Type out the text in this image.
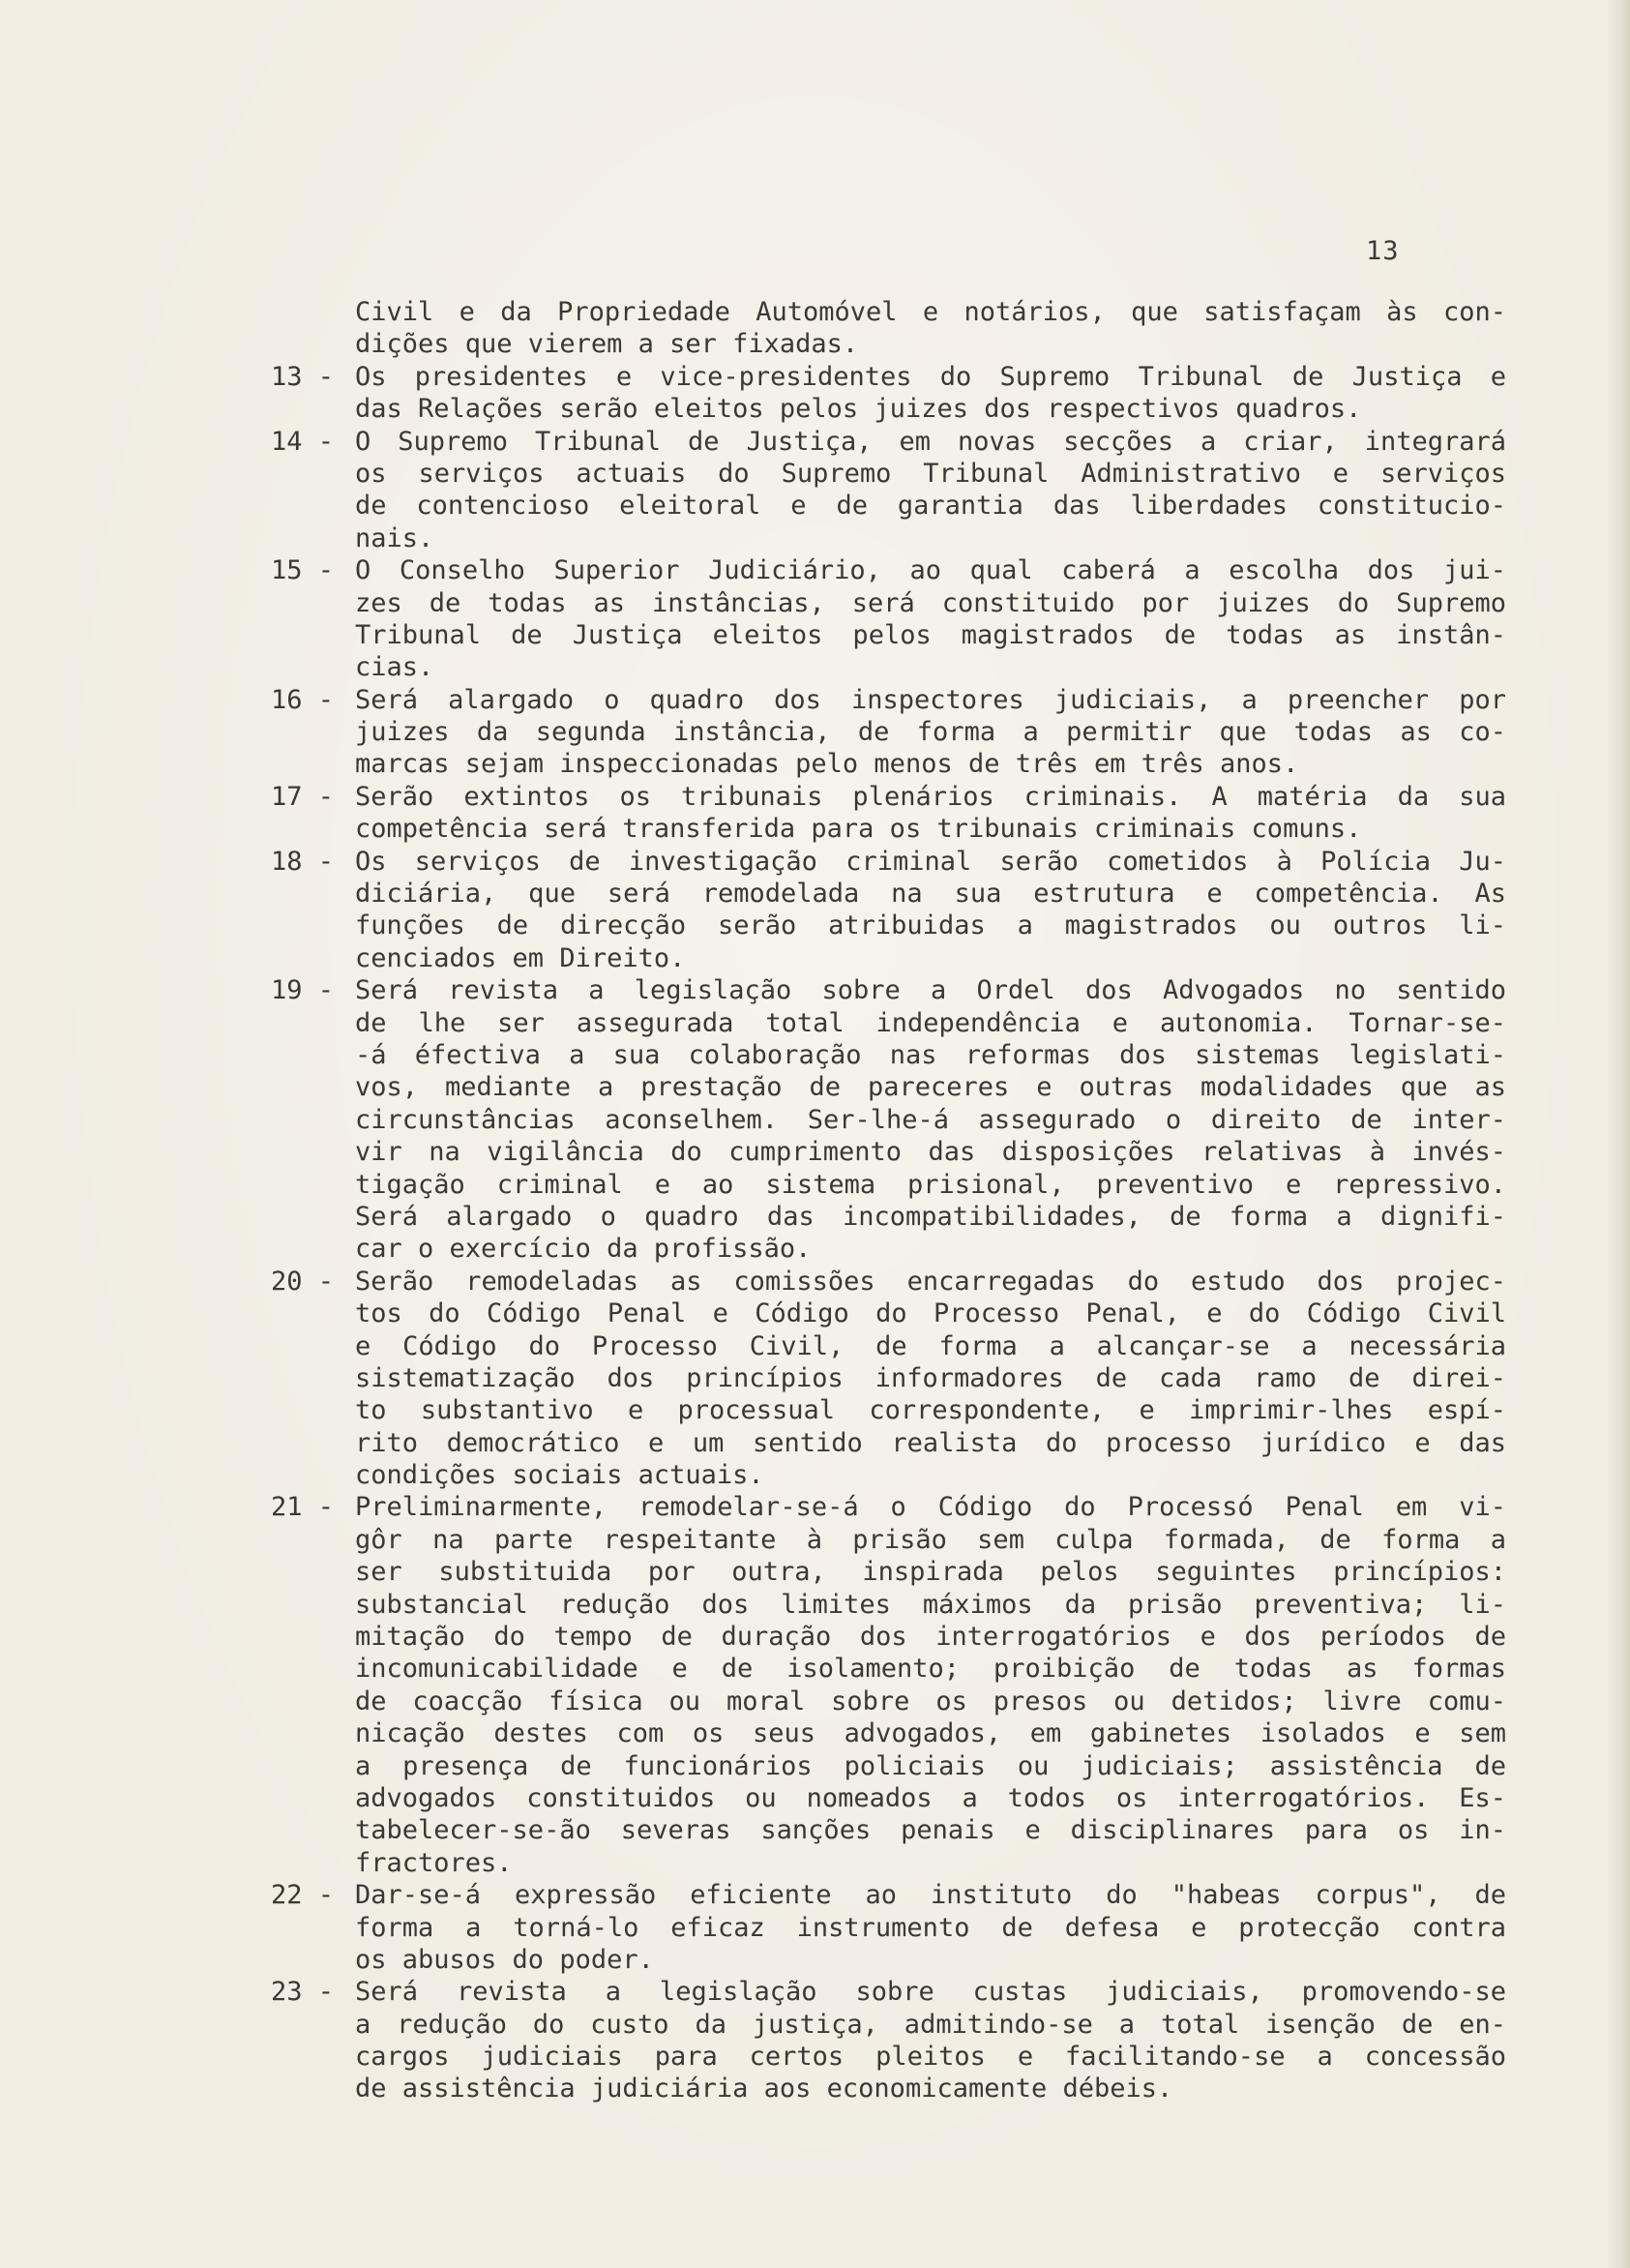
13
Civil e da Propriedade Automóvel e notários, que satisfaçam às con-
dições que vierem a ser fixadas.
13 - Os presidentes e vice-presidentes do Supremo Tribunal de Justiça e
das Relações serão eleitos pelos juizes dos respectivos quadros.
14 - O Supremo Tribunal de Justiça, em novas secções a criar, integrará
os serviços actuais do Supremo Tribunal Administrativo e serviços
de contencioso eleitoral e de garantia das liberdades constitucio-
nais.
15 - O Conselho Superior Judiciário, ao qual caberá a escolha dos jui-
zes de todas as instâncias, será constituido por juizes do Supremo
Tribunal de Justiça eleitos pelos magistrados de todas as instân-
cias.
16 - Será alargado o quadro dos inspectores judiciais, a preencher por
juizes da segunda instância, de forma a permitir que todas as co-
marcas sejam inspeccionadas pelo menos de três em três anos.
17 - Serão extintos os tribunais plenários criminais. A matéria da sua
competência será transferida para os tribunais criminais comuns.
18 - Os serviços de investigação criminal serão cometidos à Polícia Ju-
diciária, que será remodelada na sua estrutura e competência. As
funções de direcção serão atribuidas a magistrados ou outros li-
cenciados em Direito.
19 - Será revista a legislação sobre a Ordel dos Advogados no sentido
de lhe ser assegurada total independência e autonomia. Tornar-se-
-á éfectiva a sua colaboração nas reformas dos sistemas legislati-
vos, mediante a prestação de pareceres e outras modalidades que as
circunstâncias aconselhem. Ser-lhe-á assegurado o direito de inter-
vir na vigilância do cumprimento das disposições relativas à invés-
tigação criminal e ao sistema prisional, preventivo e repressivo.
Será alargado o quadro das incompatibilidades, de forma a dignifi-
car o exercício da profissão.
20 - Serão remodeladas as comissões encarregadas do estudo dos projec-
tos do Código Penal e Código do Processo Penal, e do Código Civil
e Código do Processo Civil, de forma a alcançar-se a necessária
sistematização dos princípios informadores de cada ramo de direi-
to substantivo e processual correspondente, e imprimir-lhes espí-
rito democrático e um sentido realista do processo jurídico e das
condições sociais actuais.
21 - Preliminarmente, remodelar-se-á o Código do Processó Penal em vi-
gôr na parte respeitante à prisão sem culpa formada, de forma a
ser substituida por outra, inspirada pelos seguintes princípios:
substancial redução dos limites máximos da prisão preventiva; li-
mitação do tempo de duração dos interrogatórios e dos períodos de
incomunicabilidade e de isolamento; proibição de todas as formas
de coacção física ou moral sobre os presos ou detidos; livre comu-
nicação destes com os seus advogados, em gabinetes isolados e sem
a presença de funcionários policiais ou judiciais; assistência de
advogados constituidos ou nomeados a todos os interrogatórios. Es-
tabelecer-se-ão severas sanções penais e disciplinares para os in-
fractores.
22 - Dar-se-á expressão eficiente ao instituto do "habeas corpus", de
forma a torná-lo eficaz instrumento de defesa e protecção contra
os abusos do poder.
23 - Será revista a legislação sobre custas judiciais, promovendo-se
a redução do custo da justiça, admitindo-se a total isenção de en-
cargos judiciais para certos pleitos e facilitando-se a concessão
de assistência judiciária aos economicamente débeis.
